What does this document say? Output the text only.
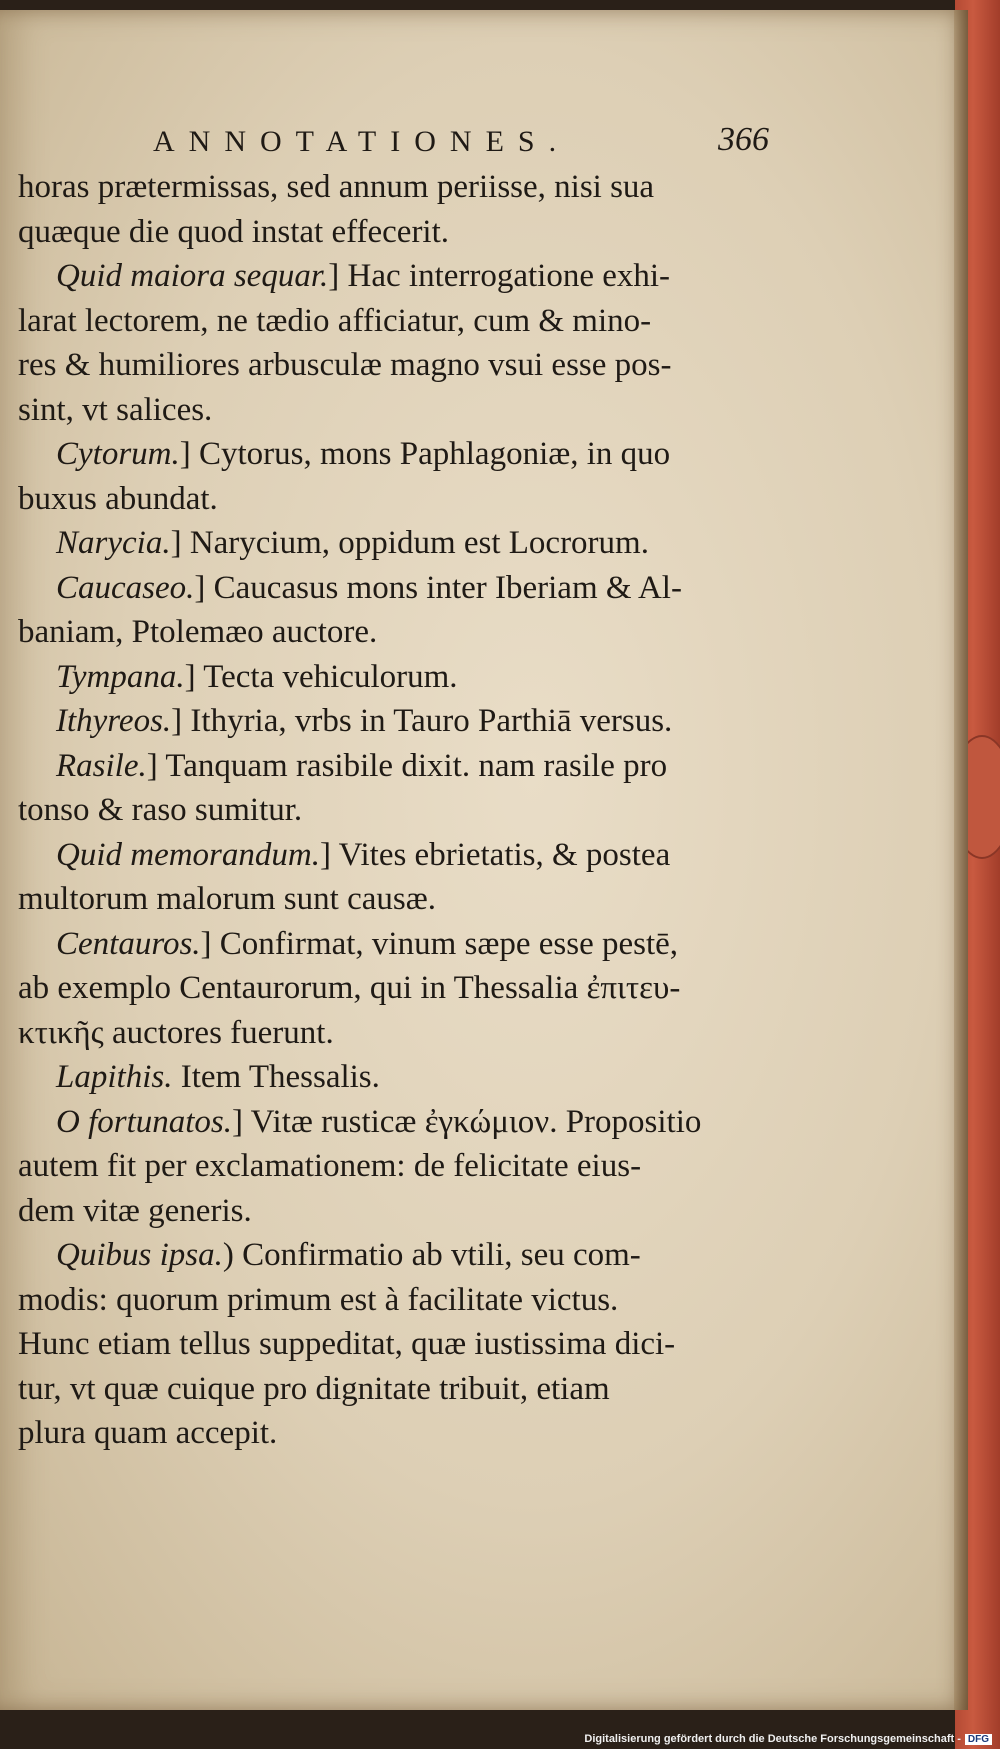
ANNOTATIONES.	366
horas prætermissas, sed annum periisse, nisi sua
quæque die quod instat effecerit.
Quid maiora sequar.] Hac interrogatione exhi-
larat lectorem, ne tædio afficiatur, cum & mino-
res & humiliores arbusculæ magno vsui esse pos-
sint, vt salices.
Cytorum.] Cytorus, mons Paphlagoniæ, in quo
buxus abundat.
Narycia.] Narycium, oppidum est Locrorum.
Caucaseo.] Caucasus mons inter Iberiam & Al-
baniam, Ptolemæo auctore.
Tympana.] Tecta vehiculorum.
Ithyreos.] Ithyria, vrbs in Tauro Parthiā versus.
Rasile.] Tanquam rasibile dixit. nam rasile pro
tonso & raso sumitur.
Quid memorandum.] Vites ebrietatis, & postea
multorum malorum sunt causæ.
Centauros.] Confirmat, vinum sæpe esse pestē,
ab exemplo Centaurorum, qui in Thessalia ἐπιτευ-
κτικῆς auctores fuerunt.
Lapithis. Item Thessalis.
O fortunatos.] Vitæ rusticæ ἐγκώμιον. Propositio
autem fit per exclamationem: de felicitate eius-
dem vitæ generis.
Quibus ipsa.) Confirmatio ab vtili, seu com-
modis: quorum primum est à facilitate victus.
Hunc etiam tellus suppeditat, quæ iustissima dici-
tur, vt quæ cuique pro dignitate tribuit, etiam
plura quam accepit.
Digitalisierung gefördert durch die Deutsche Forschungsgemeinschaft - DFG
